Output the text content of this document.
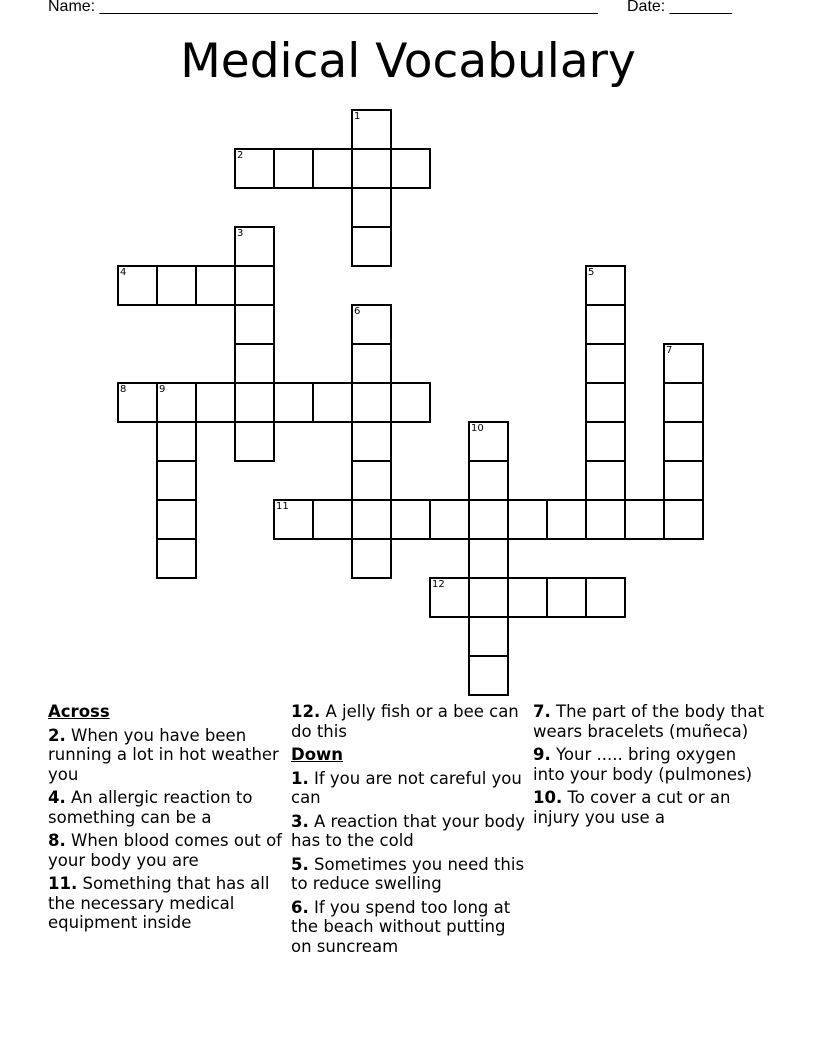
Name: ________________________________________________________ Date: _______
Medical Vocabulary
1
2
3
4	5
6
7
8	9
10
11
12
Across
2. When you have been running a lot in hot weather you
4. An allergic reaction to something can be a
8. When blood comes out of your body you are
11. Something that has all the necessary medical equipment inside
12. A jelly fish or a bee can do this
Down
1. If you are not careful you can
3. A reaction that your body has to the cold
5. Sometimes you need this to reduce swelling
6. If you spend too long at the beach without putting on suncream
7. The part of the body that wears bracelets (muñeca)
9. Your ..... bring oxygen into your body (pulmones)
10. To cover a cut or an injury you use a
